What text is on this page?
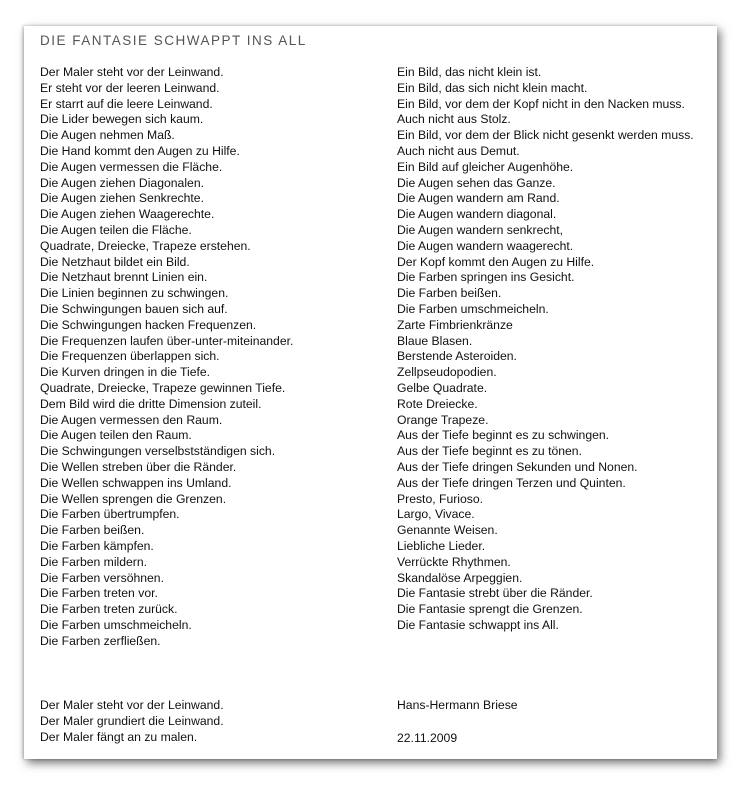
DIE FANTASIE SCHWAPPT INS ALL
Der Maler steht vor der Leinwand.
Er steht vor der leeren Leinwand.
Er starrt auf die leere Leinwand.
Die Lider bewegen sich kaum.
Die Augen nehmen Maß.
Die Hand kommt den Augen zu Hilfe.
Die Augen vermessen die Fläche.
Die Augen ziehen Diagonalen.
Die Augen ziehen Senkrechte.
Die Augen ziehen Waagerechte.
Die Augen teilen die Fläche.
Quadrate, Dreiecke, Trapeze erstehen.
Die Netzhaut bildet ein Bild.
Die Netzhaut brennt Linien ein.
Die Linien beginnen zu schwingen.
Die Schwingungen bauen sich auf.
Die Schwingungen hacken Frequenzen.
Die Frequenzen laufen über-unter-miteinander.
Die Frequenzen überlappen sich.
Die Kurven dringen in die Tiefe.
Quadrate, Dreiecke, Trapeze gewinnen Tiefe.
Dem Bild wird die dritte Dimension zuteil.
Die Augen vermessen den Raum.
Die Augen teilen den Raum.
Die Schwingungen verselbstständigen sich.
Die Wellen streben über die Ränder.
Die Wellen schwappen ins Umland.
Die Wellen sprengen die Grenzen.
Die Farben übertrumpfen.
Die Farben beißen.
Die Farben kämpfen.
Die Farben mildern.
Die Farben versöhnen.
Die Farben treten vor.
Die Farben treten zurück.
Die Farben umschmeicheln.
Die Farben zerfließen.
Ein Bild, das nicht klein ist.
Ein Bild, das sich nicht klein macht.
Ein Bild, vor dem der Kopf nicht in den Nacken muss.
Auch nicht aus Stolz.
Ein Bild, vor dem der Blick nicht gesenkt werden muss.
Auch nicht aus Demut.
Ein Bild auf gleicher Augenhöhe.
Die Augen sehen das Ganze.
Die Augen wandern am Rand.
Die Augen wandern diagonal.
Die Augen wandern senkrecht,
Die Augen wandern waagerecht.
Der Kopf kommt den Augen zu Hilfe.
Die Farben springen ins Gesicht.
Die Farben beißen.
Die Farben umschmeicheln.
Zarte Fimbrienkränze
Blaue Blasen.
Berstende Asteroiden.
Zellpseudopodien.
Gelbe Quadrate.
Rote Dreiecke.
Orange Trapeze.
Aus der Tiefe beginnt es zu schwingen.
Aus der Tiefe beginnt es zu tönen.
Aus der Tiefe dringen Sekunden und Nonen.
Aus der Tiefe dringen Terzen und Quinten.
Presto, Furioso.
Largo, Vivace.
Genannte Weisen.
Liebliche Lieder.
Verrückte Rhythmen.
Skandalöse Arpeggien.
Die Fantasie strebt über die Ränder.
Die Fantasie sprengt die Grenzen.
Die Fantasie schwappt ins All.
Der Maler steht vor der Leinwand.
Der Maler grundiert die Leinwand.
Der Maler fängt an zu malen.
Hans-Hermann Briese
22.11.2009
